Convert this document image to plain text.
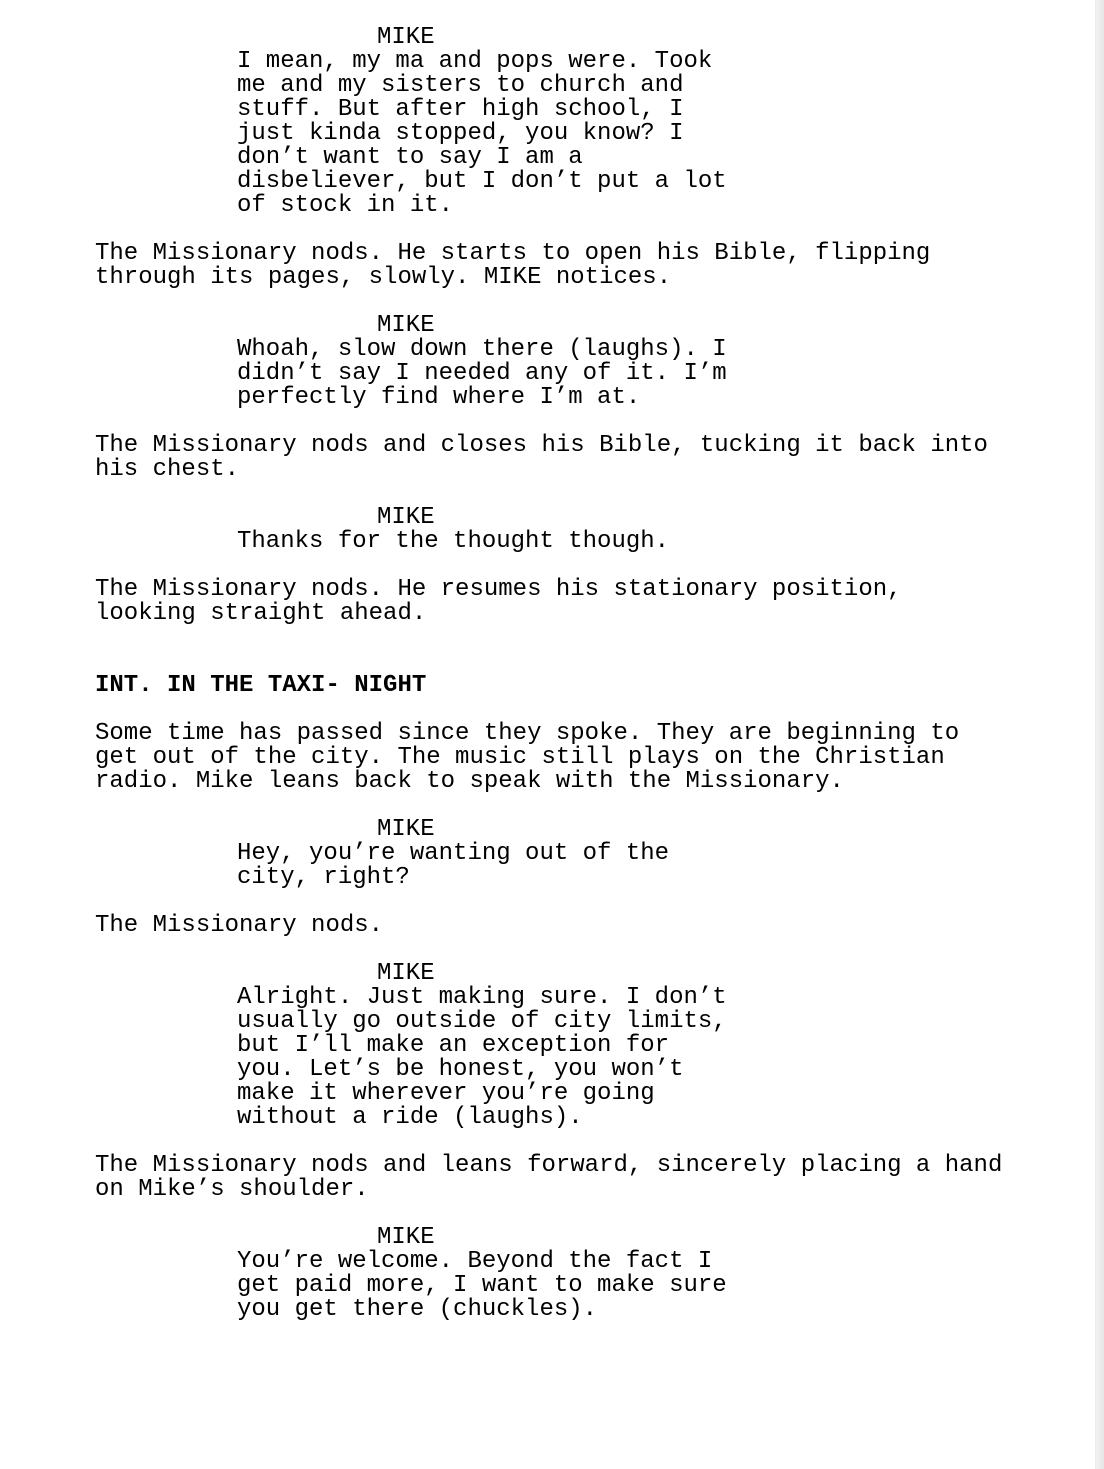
MIKE
I mean, my ma and pops were. Took
me and my sisters to church and
stuff. But after high school, I
just kinda stopped, you know? I
don’t want to say I am a
disbeliever, but I don’t put a lot
of stock in it.
The Missionary nods. He starts to open his Bible, flipping
through its pages, slowly. MIKE notices.
MIKE
Whoah, slow down there (laughs). I
didn’t say I needed any of it. I’m
perfectly find where I’m at.
The Missionary nods and closes his Bible, tucking it back into
his chest.
MIKE
Thanks for the thought though.
The Missionary nods. He resumes his stationary position,
looking straight ahead.
INT. IN THE TAXI- NIGHT
Some time has passed since they spoke. They are beginning to
get out of the city. The music still plays on the Christian
radio. Mike leans back to speak with the Missionary.
MIKE
Hey, you’re wanting out of the
city, right?
The Missionary nods.
MIKE
Alright. Just making sure. I don’t
usually go outside of city limits,
but I’ll make an exception for
you. Let’s be honest, you won’t
make it wherever you’re going
without a ride (laughs).
The Missionary nods and leans forward, sincerely placing a hand
on Mike’s shoulder.
MIKE
You’re welcome. Beyond the fact I
get paid more, I want to make sure
you get there (chuckles).
